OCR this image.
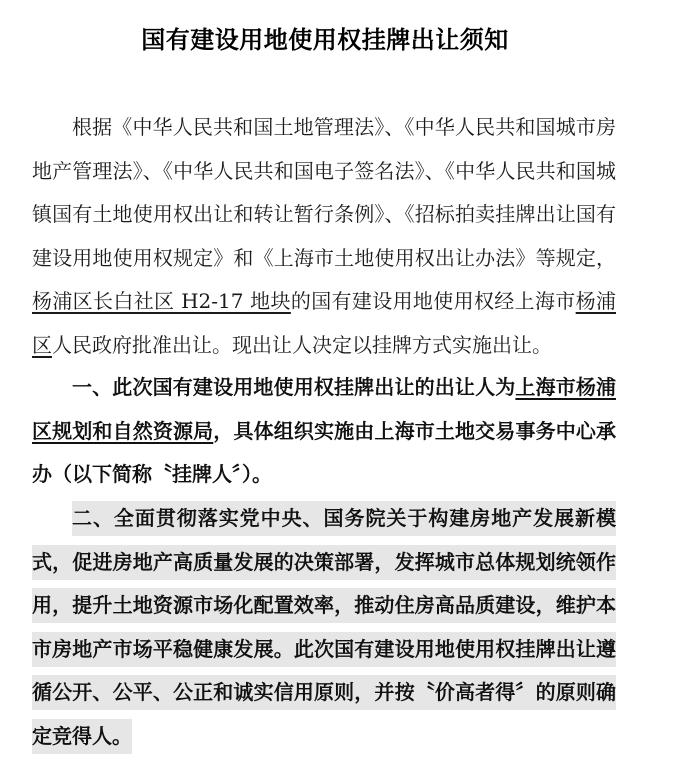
国有建设用地使用权挂牌出让须知

根据《中华人民共和国土地管理法》、《中华人民共和国城市房地产管理法》、《中华人民共和国电子签名法》、《中华人民共和国城镇国有土地使用权出让和转让暂行条例》、《招标拍卖挂牌出让国有建设用地使用权规定》和《上海市土地使用权出让办法》等规定，杨浦区长白社区 H2-17 地块的国有建设用地使用权经上海市杨浦区人民政府批准出让。现出让人决定以挂牌方式实施出让。

一、此次国有建设用地使用权挂牌出让的出让人为上海市杨浦区规划和自然资源局，具体组织实施由上海市土地交易事务中心承办（以下简称〝挂牌人〞）。

二、全面贯彻落实党中央、国务院关于构建房地产发展新模式，促进房地产高质量发展的决策部署，发挥城市总体规划统领作用，提升土地资源市场化配置效率，推动住房高品质建设，维护本市房地产市场平稳健康发展。此次国有建设用地使用权挂牌出让遵循公开、公平、公正和诚实信用原则，并按〝价高者得〞的原则确定竞得人。
